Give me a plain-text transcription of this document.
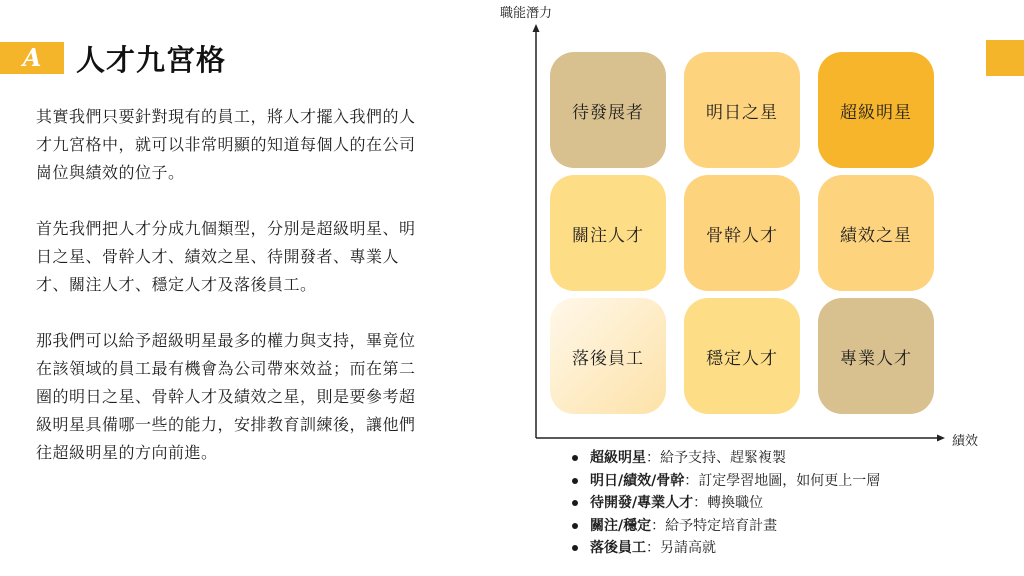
A 人才九宮格

其實我們只要針對現有的員工，將人才擺入我們的人才九宮格中，就可以非常明顯的知道每個人的在公司崗位與績效的位子。

首先我們把人才分成九個類型，分別是超級明星、明日之星、骨幹人才、績效之星、待開發者、專業人才、關注人才、穩定人才及落後員工。

那我們可以給予超級明星最多的權力與支持，畢竟位在該領域的員工最有機會為公司帶來效益；而在第二圈的明日之星、骨幹人才及績效之星，則是要參考超級明星具備哪一些的能力，安排教育訓練後，讓他們往超級明星的方向前進。

職能潛力
績效
待發展者	明日之星	超級明星
關注人才	骨幹人才	績效之星
落後員工	穩定人才	專業人才
超級明星 ：給予支持、趕緊複製
明日/績效/骨幹 ：訂定學習地圖，如何更上一層
待開發/專業人才 ：轉換職位
關注/穩定 ：給予特定培育計畫
落後員工 ：另請高就
